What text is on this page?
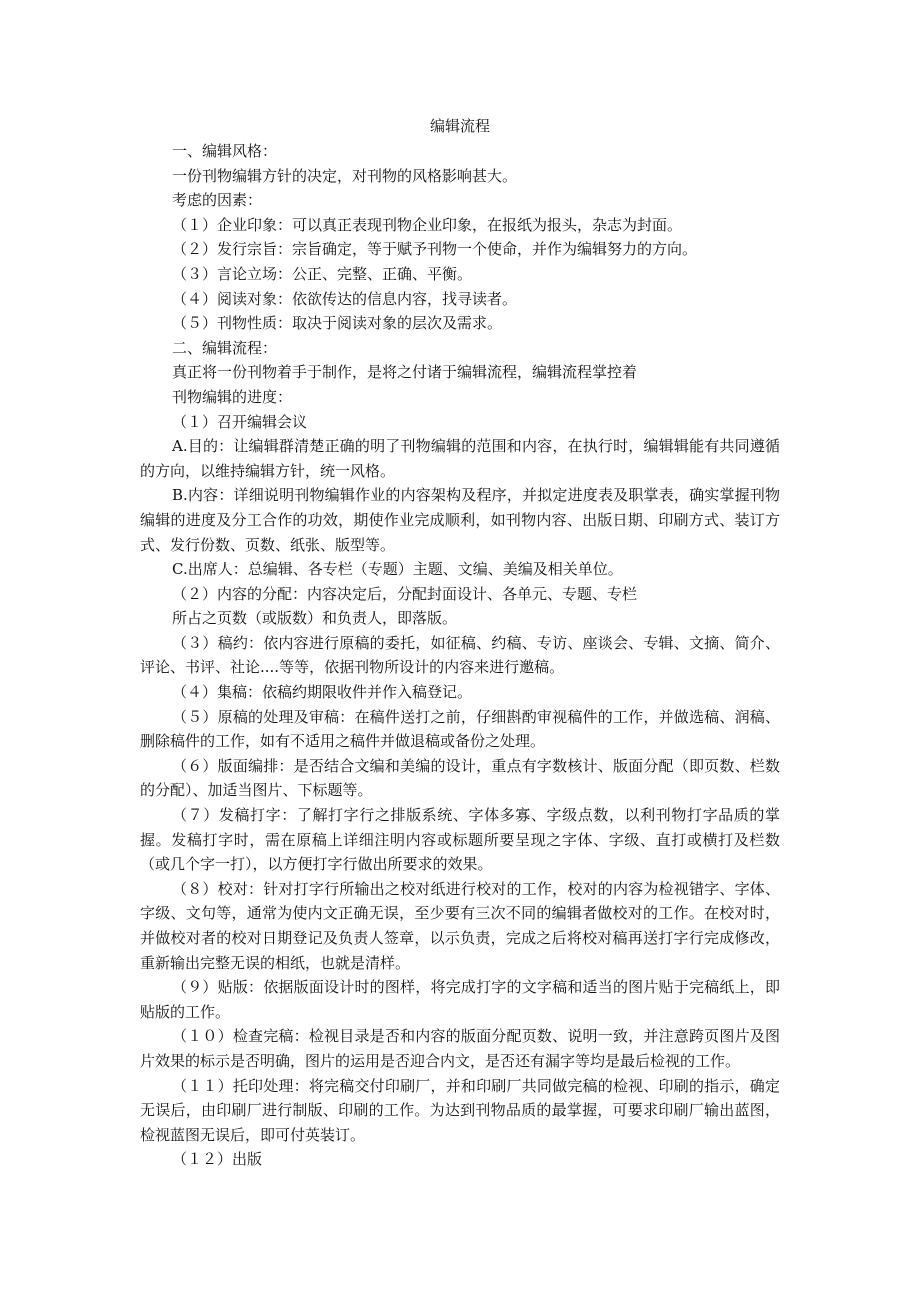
编辑流程

一、编辑风格：

一份刊物编辑方针的决定，对刊物的风格影响甚大。

考虑的因素：

（１）企业印象：可以真正表现刊物企业印象，在报纸为报头，杂志为封面。

（２）发行宗旨：宗旨确定，等于赋予刊物一个使命，并作为编辑努力的方向。

（３）言论立场：公正、完整、正确、平衡。

（４）阅读对象：依欲传达的信息内容，找寻读者。

（５）刊物性质：取决于阅读对象的层次及需求。

二、编辑流程：

真正将一份刊物着手于制作，是将之付诸于编辑流程，编辑流程掌控着

刊物编辑的进度：

（１）召开编辑会议

A.目的：让编辑群清楚正确的明了刊物编辑的范围和内容，在执行时，编辑辑能有共同遵循的方向，以维持编辑方针，统一风格。

B.内容：详细说明刊物编辑作业的内容架构及程序，并拟定进度表及职掌表，确实掌握刊物编辑的进度及分工合作的功效，期使作业完成顺利，如刊物内容、出版日期、印刷方式、装订方式、发行份数、页数、纸张、版型等。

C.出席人：总编辑、各专栏（专题）主题、文编、美编及相关单位。

（２）内容的分配：内容决定后，分配封面设计、各单元、专题、专栏

所占之页数（或版数）和负责人，即落版。

（３）稿约：依内容进行原稿的委托，如征稿、约稿、专访、座谈会、专辑、文摘、简介、评论、书评、社论....等等，依据刊物所设计的内容来进行邀稿。

（４）集稿：依稿约期限收件并作入稿登记。

（５）原稿的处理及审稿：在稿件送打之前，仔细斟酌审视稿件的工作，并做选稿、润稿、删除稿件的工作，如有不适用之稿件并做退稿或备份之处理。

（６）版面编排：是否结合文编和美编的设计，重点有字数核计、版面分配（即页数、栏数的分配）、加适当图片、下标题等。

（７）发稿打字：了解打字行之排版系统、字体多寡、字级点数，以利刊物打字品质的掌握。发稿打字时，需在原稿上详细注明内容或标题所要呈现之字体、字级、直打或横打及栏数（或几个字一打），以方便打字行做出所要求的效果。

（８）校对：针对打字行所输出之校对纸进行校对的工作，校对的内容为检视错字、字体、字级、文句等，通常为使内文正确无误，至少要有三次不同的编辑者做校对的工作。在校对时，并做校对者的校对日期登记及负责人签章，以示负责，完成之后将校对稿再送打字行完成修改，重新输出完整无误的相纸，也就是清样。

（９）贴版：依据版面设计时的图样，将完成打字的文字稿和适当的图片贴于完稿纸上，即贴版的工作。

（１０）检查完稿：检视目录是否和内容的版面分配页数、说明一致，并注意跨页图片及图片效果的标示是否明确，图片的运用是否迎合内文，是否还有漏字等均是最后检视的工作。

（１１）托印处理：将完稿交付印刷厂，并和印刷厂共同做完稿的检视、印刷的指示，确定无误后，由印刷厂进行制版、印刷的工作。为达到刊物品质的最掌握，可要求印刷厂输出蓝图，检视蓝图无误后，即可付英装订。

（１２）出版
